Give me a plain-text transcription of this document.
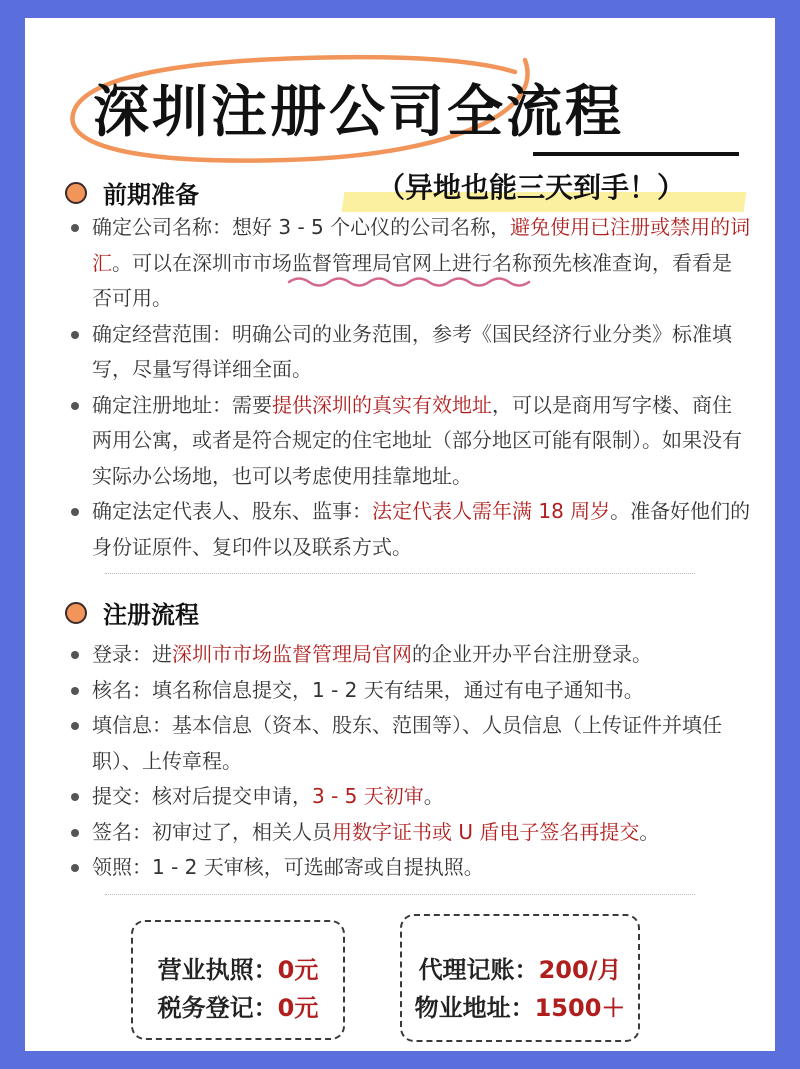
深圳注册公司全流程
（异地也能三天到手！）
前期准备
确定公司名称：想好 3 - 5 个心仪的公司名称，避免使用已注册或禁用的词汇。可以在深圳市市场监督管理局官网上进行名称预先核准查询，看看是否可用。
确定经营范围：明确公司的业务范围，参考《国民经济行业分类》标准填写，尽量写得详细全面。
确定注册地址：需要提供深圳的真实有效地址，可以是商用写字楼、商住两用公寓，或者是符合规定的住宅地址（部分地区可能有限制）。如果没有实际办公场地，也可以考虑使用挂靠地址。
确定法定代表人、股东、监事：法定代表人需年满 18 周岁。准备好他们的身份证原件、复印件以及联系方式。
注册流程
登录：进深圳市市场监督管理局官网的企业开办平台注册登录。
核名：填名称信息提交，1 - 2 天有结果，通过有电子通知书。
填信息：基本信息（资本、股东、范围等）、人员信息（上传证件并填任职）、上传章程。
提交：核对后提交申请，3 - 5 天初审。
签名：初审过了，相关人员用数字证书或 U 盾电子签名再提交。
领照：1 - 2 天审核，可选邮寄或自提执照。
营业执照：0元
税务登记：0元
代理记账：200/月
物业地址：1500＋
